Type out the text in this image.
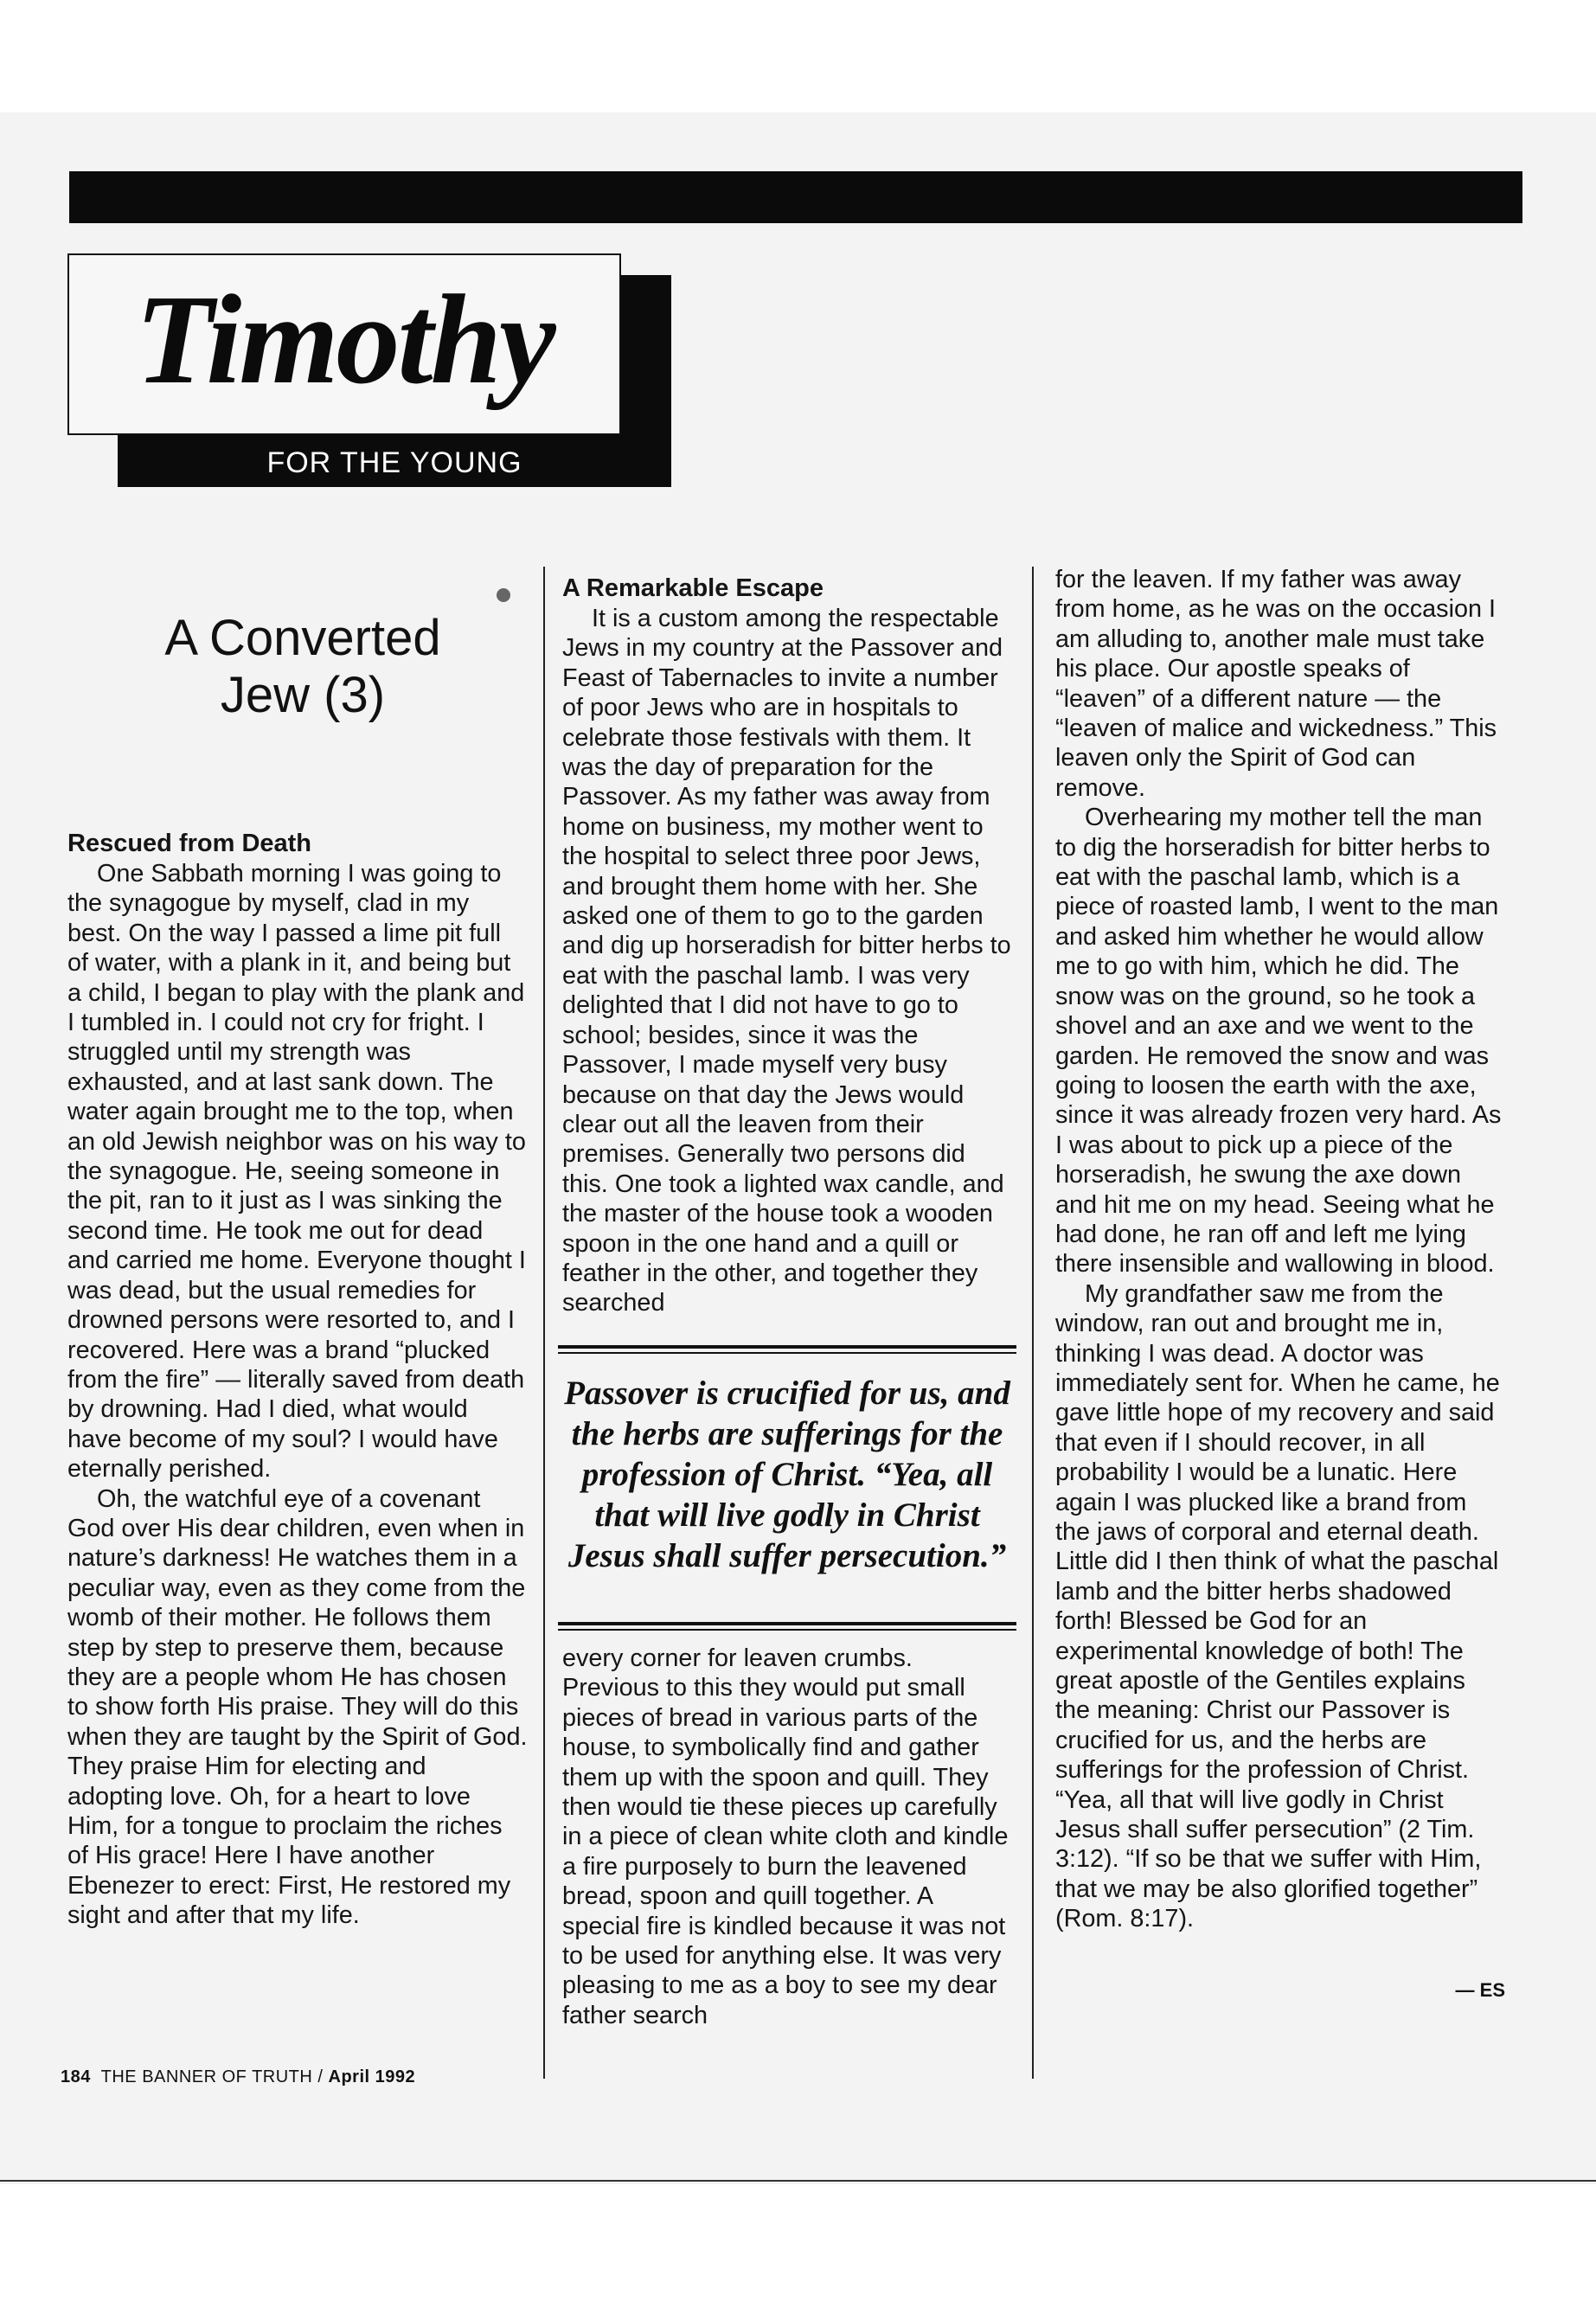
Timothy
FOR THE YOUNG
A Converted
Jew (3)
Rescued from Death

One Sabbath morning I was going to the synagogue by myself, clad in my best. On the way I passed a lime pit full of water, with a plank in it, and being but a child, I began to play with the plank and I tumbled in. I could not cry for fright. I struggled until my strength was exhausted, and at last sank down. The water again brought me to the top, when an old Jewish neighbor was on his way to the synagogue. He, seeing someone in the pit, ran to it just as I was sinking the second time. He took me out for dead and carried me home. Everyone thought I was dead, but the usual remedies for drowned persons were resorted to, and I recovered. Here was a brand “plucked from the fire” — literally saved from death by drowning. Had I died, what would have become of my soul? I would have eternally perished.

Oh, the watchful eye of a covenant God over His dear children, even when in nature’s darkness! He watches them in a peculiar way, even as they come from the womb of their mother. He follows them step by step to preserve them, because they are a people whom He has chosen to show forth His praise. They will do this when they are taught by the Spirit of God. They praise Him for electing and adopting love. Oh, for a heart to love Him, for a tongue to proclaim the riches of His grace! Here I have another Ebenezer to erect: First, He restored my sight and after that my life.

A Remarkable Escape

It is a custom among the respectable Jews in my country at the Passover and Feast of Tabernacles to invite a number of poor Jews who are in hospitals to celebrate those festivals with them. It was the day of preparation for the Passover. As my father was away from home on business, my mother went to the hospital to select three poor Jews, and brought them home with her. She asked one of them to go to the garden and dig up horseradish for bitter herbs to eat with the paschal lamb. I was very delighted that I did not have to go to school; besides, since it was the Passover, I made myself very busy because on that day the Jews would clear out all the leaven from their premises. Generally two persons did this. One took a lighted wax candle, and the master of the house took a wooden spoon in the one hand and a quill or feather in the other, and together they searched

Passover is crucified for us, and the herbs are sufferings for the profession of Christ. “Yea, all that will live godly in Christ Jesus shall suffer persecution.”

every corner for leaven crumbs. Previous to this they would put small pieces of bread in various parts of the house, to symbolically find and gather them up with the spoon and quill. They then would tie these pieces up carefully in a piece of clean white cloth and kindle a fire purposely to burn the leavened bread, spoon and quill together. A special fire is kindled because it was not to be used for anything else. It was very pleasing to me as a boy to see my dear father search

for the leaven. If my father was away from home, as he was on the occasion I am alluding to, another male must take his place. Our apostle speaks of “leaven” of a different nature — the “leaven of malice and wickedness.” This leaven only the Spirit of God can remove.

Overhearing my mother tell the man to dig the horseradish for bitter herbs to eat with the paschal lamb, which is a piece of roasted lamb, I went to the man and asked him whether he would allow me to go with him, which he did. The snow was on the ground, so he took a shovel and an axe and we went to the garden. He removed the snow and was going to loosen the earth with the axe, since it was already frozen very hard. As I was about to pick up a piece of the horseradish, he swung the axe down and hit me on my head. Seeing what he had done, he ran off and left me lying there insensible and wallowing in blood.

My grandfather saw me from the window, ran out and brought me in, thinking I was dead. A doctor was immediately sent for. When he came, he gave little hope of my recovery and said that even if I should recover, in all probability I would be a lunatic. Here again I was plucked like a brand from the jaws of corporal and eternal death. Little did I then think of what the paschal lamb and the bitter herbs shadowed forth! Blessed be God for an experimental knowledge of both! The great apostle of the Gentiles explains the meaning: Christ our Passover is crucified for us, and the herbs are sufferings for the profession of Christ. “Yea, all that will live godly in Christ Jesus shall suffer persecution” (2 Tim. 3:12). “If so be that we suffer with Him, that we may be also glorified together” (Rom. 8:17).

— ES
184 THE BANNER OF TRUTH / April 1992
